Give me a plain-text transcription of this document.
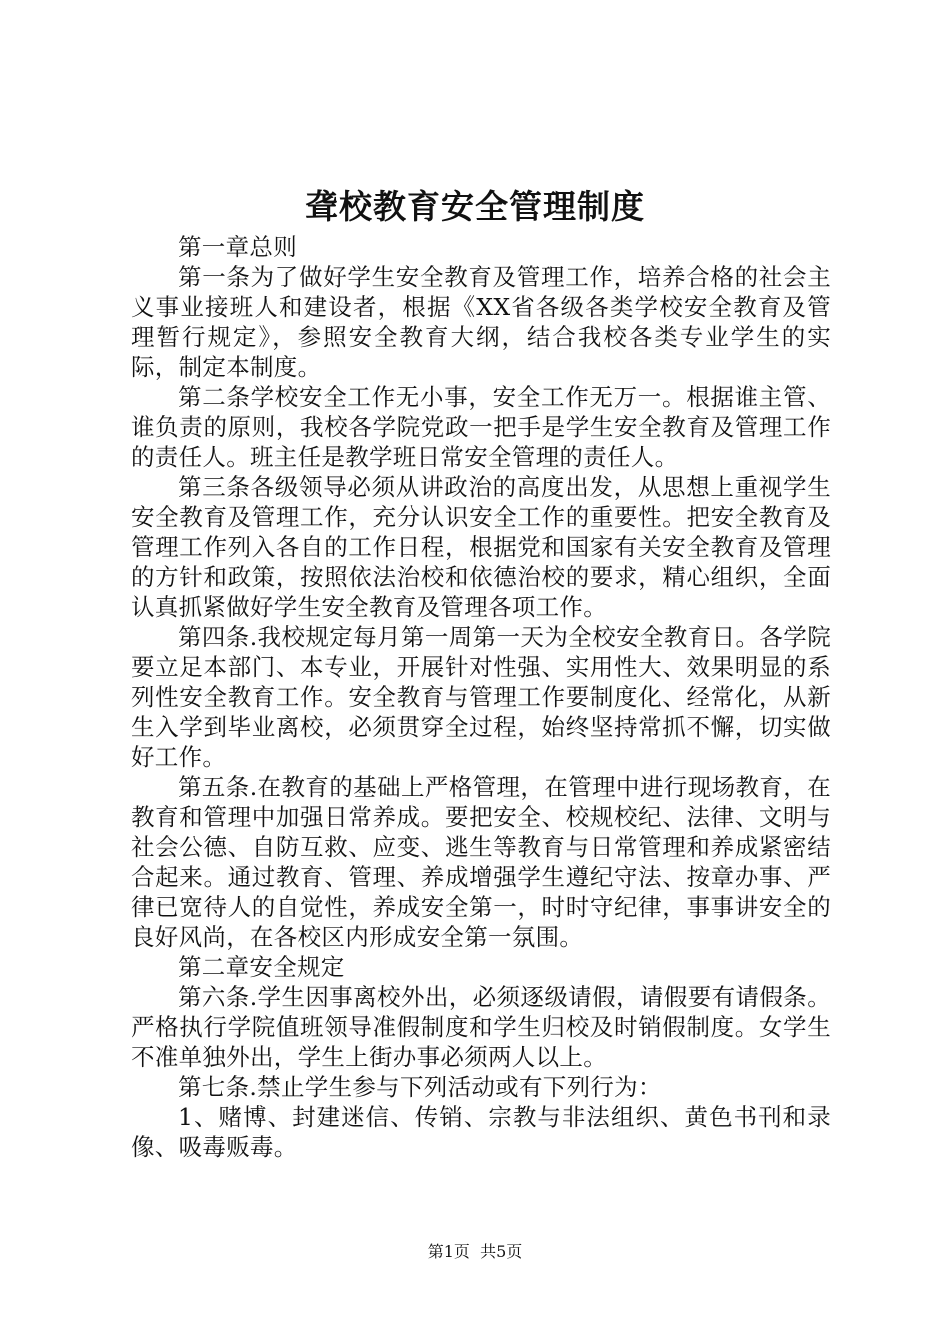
聋校教育安全管理制度

第一章总则

第一条为了做好学生安全教育及管理工作，培养合格的社会主义事业接班人和建设者，根据《XX省各级各类学校安全教育及管理暂行规定》，参照安全教育大纲，结合我校各类专业学生的实际，制定本制度。

第二条学校安全工作无小事，安全工作无万一。根据谁主管、谁负责的原则，我校各学院党政一把手是学生安全教育及管理工作的责任人。班主任是教学班日常安全管理的责任人。

第三条各级领导必须从讲政治的高度出发，从思想上重视学生安全教育及管理工作，充分认识安全工作的重要性。把安全教育及管理工作列入各自的工作日程，根据党和国家有关安全教育及管理的方针和政策，按照依法治校和依德治校的要求，精心组织，全面认真抓紧做好学生安全教育及管理各项工作。

第四条.我校规定每月第一周第一天为全校安全教育日。各学院要立足本部门、本专业，开展针对性强、实用性大、效果明显的系列性安全教育工作。安全教育与管理工作要制度化、经常化，从新生入学到毕业离校，必须贯穿全过程，始终坚持常抓不懈，切实做好工作。

第五条.在教育的基础上严格管理，在管理中进行现场教育，在教育和管理中加强日常养成。要把安全、校规校纪、法律、文明与社会公德、自防互救、应变、逃生等教育与日常管理和养成紧密结合起来。通过教育、管理、养成增强学生遵纪守法、按章办事、严律已宽待人的自觉性，养成安全第一，时时守纪律，事事讲安全的良好风尚，在各校区内形成安全第一氛围。

第二章安全规定

第六条.学生因事离校外出，必须逐级请假，请假要有请假条。严格执行学院值班领导准假制度和学生归校及时销假制度。女学生不准单独外出，学生上街办事必须两人以上。

第七条.禁止学生参与下列活动或有下列行为：

1、赌博、封建迷信、传销、宗教与非法组织、黄色书刊和录像、吸毒贩毒。

第1页  共5页
